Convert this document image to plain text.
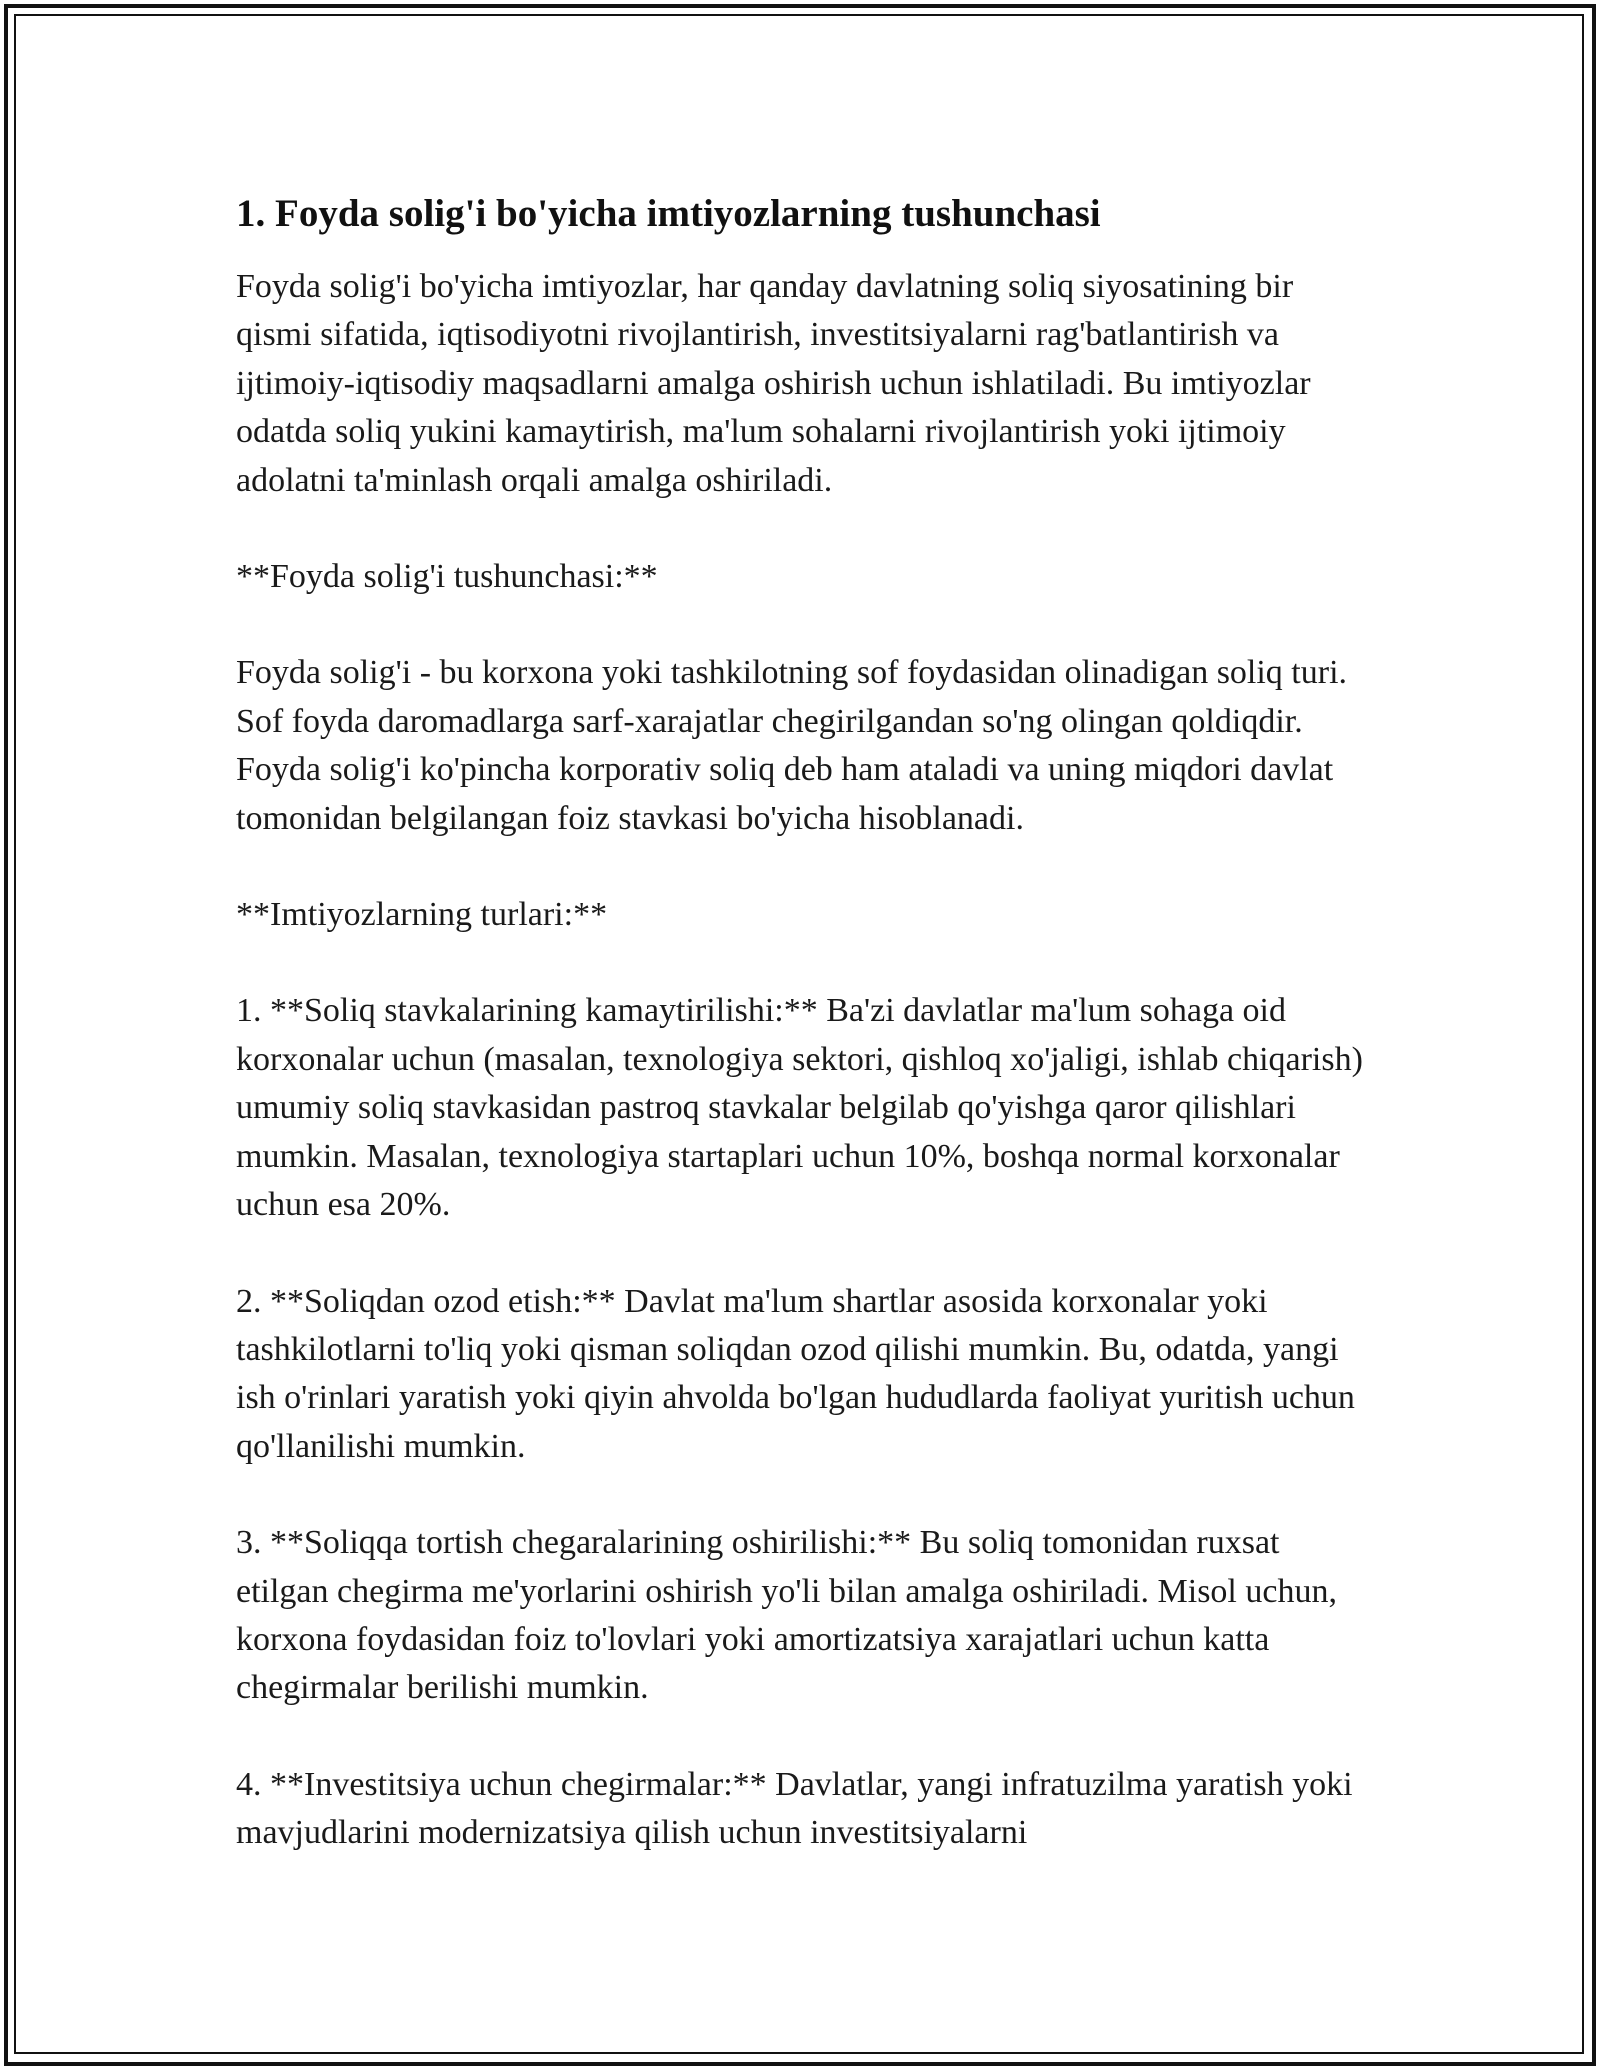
1. Foyda solig'i bo'yicha imtiyozlarning tushunchasi

Foyda solig'i bo'yicha imtiyozlar, har qanday davlatning soliq siyosatining bir qismi sifatida, iqtisodiyotni rivojlantirish, investitsiyalarni rag'batlantirish va ijtimoiy-iqtisodiy maqsadlarni amalga oshirish uchun ishlatiladi. Bu imtiyozlar odatda soliq yukini kamaytirish, ma'lum sohalarni rivojlantirish yoki ijtimoiy adolatni ta'minlash orqali amalga oshiriladi.

**Foyda solig'i tushunchasi:**

Foyda solig'i - bu korxona yoki tashkilotning sof foydasidan olinadigan soliq turi. Sof foyda daromadlarga sarf-xarajatlar chegirilgandan so'ng olingan qoldiqdir. Foyda solig'i ko'pincha korporativ soliq deb ham ataladi va uning miqdori davlat tomonidan belgilangan foiz stavkasi bo'yicha hisoblanadi.

**Imtiyozlarning turlari:**

1. **Soliq stavkalarining kamaytirilishi:** Ba'zi davlatlar ma'lum sohaga oid korxonalar uchun (masalan, texnologiya sektori, qishloq xo'jaligi, ishlab chiqarish) umumiy soliq stavkasidan pastroq stavkalar belgilab qo'yishga qaror qilishlari mumkin. Masalan, texnologiya startaplari uchun 10%, boshqa normal korxonalar uchun esa 20%.

2. **Soliqdan ozod etish:** Davlat ma'lum shartlar asosida korxonalar yoki tashkilotlarni to'liq yoki qisman soliqdan ozod qilishi mumkin. Bu, odatda, yangi ish o'rinlari yaratish yoki qiyin ahvolda bo'lgan hududlarda faoliyat yuritish uchun qo'llanilishi mumkin.

3. **Soliqqa tortish chegaralarining oshirilishi:** Bu soliq tomonidan ruxsat etilgan chegirma me'yorlarini oshirish yo'li bilan amalga oshiriladi. Misol uchun, korxona foydasidan foiz to'lovlari yoki amortizatsiya xarajatlari uchun katta chegirmalar berilishi mumkin.

4. **Investitsiya uchun chegirmalar:** Davlatlar, yangi infratuzilma yaratish yoki mavjudlarini modernizatsiya qilish uchun investitsiyalarni
